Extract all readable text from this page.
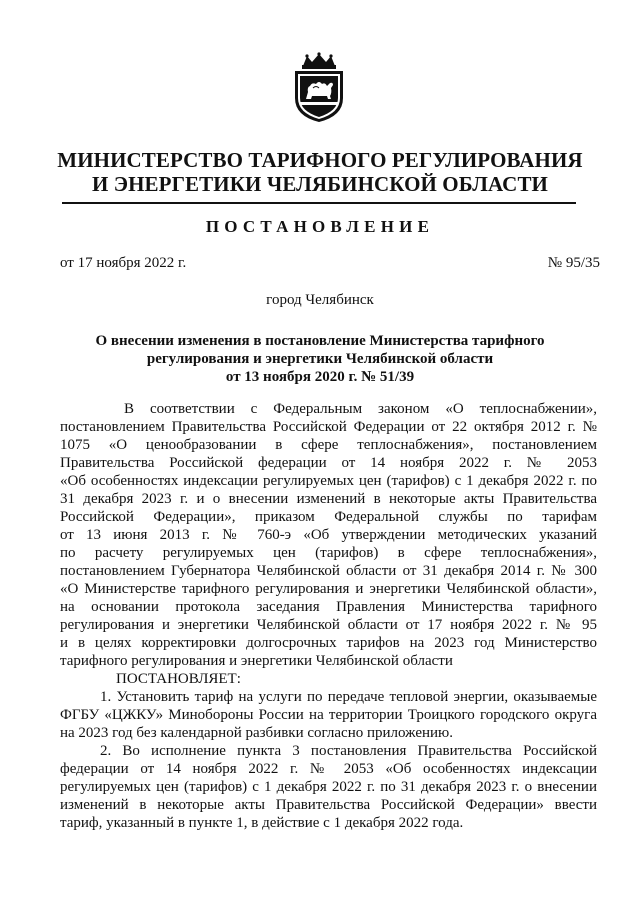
МИНИСТЕРСТВО ТАРИФНОГО РЕГУЛИРОВАНИЯ
И ЭНЕРГЕТИКИ ЧЕЛЯБИНСКОЙ ОБЛАСТИ
ПОСТАНОВЛЕНИЕ
от 17 ноября 2022 г.	№ 95/35
город Челябинск
О внесении изменения в постановление Министерства тарифного
регулирования и энергетики Челябинской области
от 13 ноября 2020 г. № 51/39
В соответствии с Федеральным законом «О теплоснабжении»,
постановлением Правительства Российской Федерации от 22 октября 2012 г. №
1075 «О ценообразовании в сфере теплоснабжения», постановлением
Правительства Российской федерации от 14 ноября 2022 г. № 2053
«Об особенностях индексации регулируемых цен (тарифов) с 1 декабря 2022 г. по
31 декабря 2023 г. и о внесении изменений в некоторые акты Правительства
Российской Федерации», приказом Федеральной службы по тарифам
от 13 июня 2013 г. № 760-э «Об утверждении методических указаний
по расчету регулируемых цен (тарифов) в сфере теплоснабжения»,
постановлением Губернатора Челябинской области от 31 декабря 2014 г. № 300
«О Министерстве тарифного регулирования и энергетики Челябинской области»,
на основании протокола заседания Правления Министерства тарифного
регулирования и энергетики Челябинской области от 17 ноября 2022 г. № 95
и в целях корректировки долгосрочных тарифов на 2023 год Министерство
тарифного регулирования и энергетики Челябинской области
ПОСТАНОВЛЯЕТ:
1. Установить тариф на услуги по передаче тепловой энергии, оказываемые
ФГБУ «ЦЖКУ» Минобороны России на территории Троицкого городского округа
на 2023 год без календарной разбивки согласно приложению.
2. Во исполнение пункта 3 постановления Правительства Российской
федерации от 14 ноября 2022 г. № 2053 «Об особенностях индексации
регулируемых цен (тарифов) с 1 декабря 2022 г. по 31 декабря 2023 г. о внесении
изменений в некоторые акты Правительства Российской Федерации» ввести
тариф, указанный в пункте 1, в действие с 1 декабря 2022 года.
